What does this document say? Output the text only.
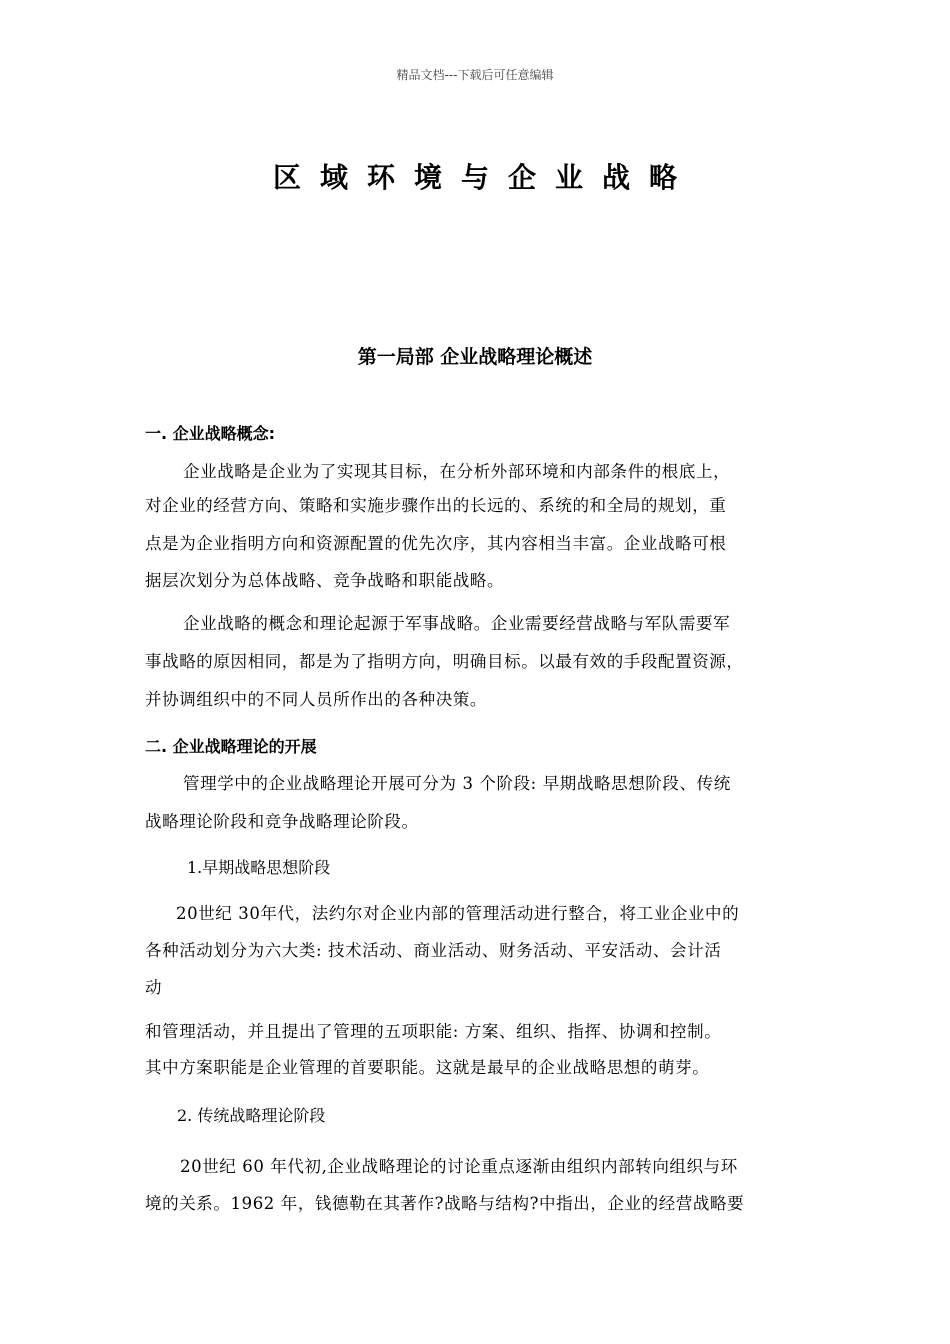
精品文档---下载后可任意编辑
区域环境与企业战略
第一局部 企业战略理论概述
一. 企业战略概念:
企业战略是企业为了实现其目标，在分析外部环境和内部条件的根底上，
对企业的经营方向、策略和实施步骤作出的长远的、系统的和全局的规划，重
点是为企业指明方向和资源配置的优先次序，其内容相当丰富。企业战略可根
据层次划分为总体战略、竞争战略和职能战略。
企业战略的概念和理论起源于军事战略。企业需要经营战略与军队需要军
事战略的原因相同，都是为了指明方向，明确目标。以最有效的手段配置资源，
并协调组织中的不同人员所作出的各种决策。
二. 企业战略理论的开展
管理学中的企业战略理论开展可分为 3 个阶段: 早期战略思想阶段、传统
战略理论阶段和竞争战略理论阶段。
1.早期战略思想阶段
20世纪 30年代，法约尔对企业内部的管理活动进行整合，将工业企业中的
各种活动划分为六大类: 技术活动、商业活动、财务活动、平安活动、会计活
动
和管理活动，并且提出了管理的五项职能: 方案、组织、指挥、协调和控制。
其中方案职能是企业管理的首要职能。这就是最早的企业战略思想的萌芽。
2. 传统战略理论阶段
20世纪 60 年代初,企业战略理论的讨论重点逐渐由组织内部转向组织与环
境的关系。1962 年，钱德勒在其著作?战略与结构?中指出，企业的经营战略要
